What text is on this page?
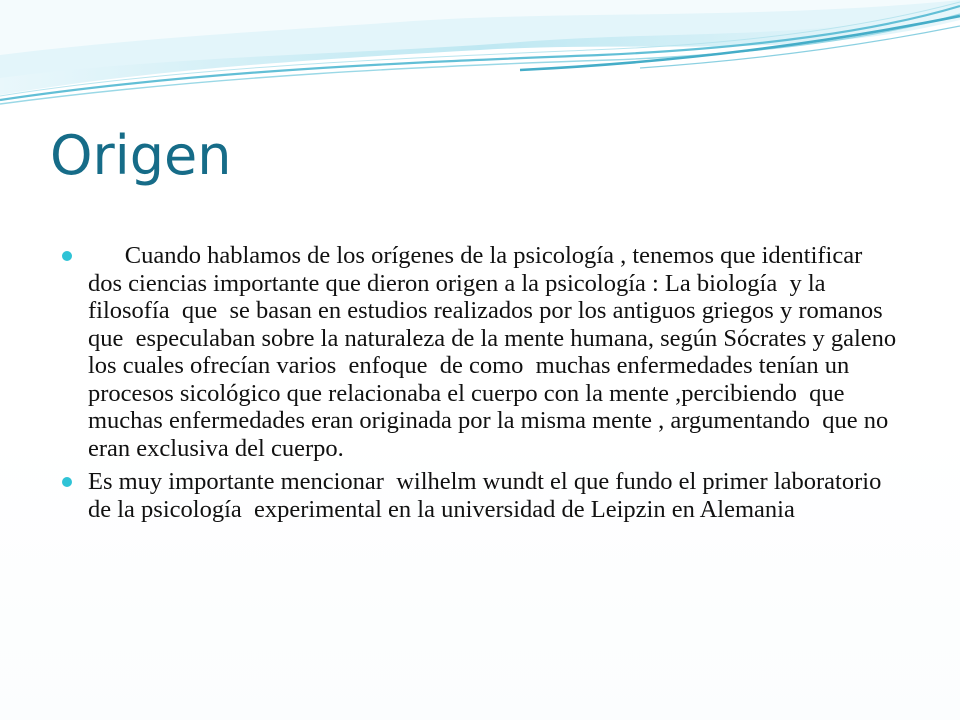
Origen
Cuando hablamos de los orígenes de la psicología , tenemos que identificar  dos ciencias importante que dieron origen a la psicología : La biología  y la filosofía  que  se basan en estudios realizados por los antiguos griegos y romanos que  especulaban sobre la naturaleza de la mente humana, según Sócrates y galeno los cuales ofrecían varios  enfoque  de como  muchas enfermedades tenían un  procesos sicológico que relacionaba el cuerpo con la mente ,percibiendo  que muchas enfermedades eran originada por la misma mente , argumentando  que no eran exclusiva del cuerpo.
Es muy importante mencionar  wilhelm wundt el que fundo el primer laboratorio de la psicología  experimental en la universidad de Leipzin en Alemania
